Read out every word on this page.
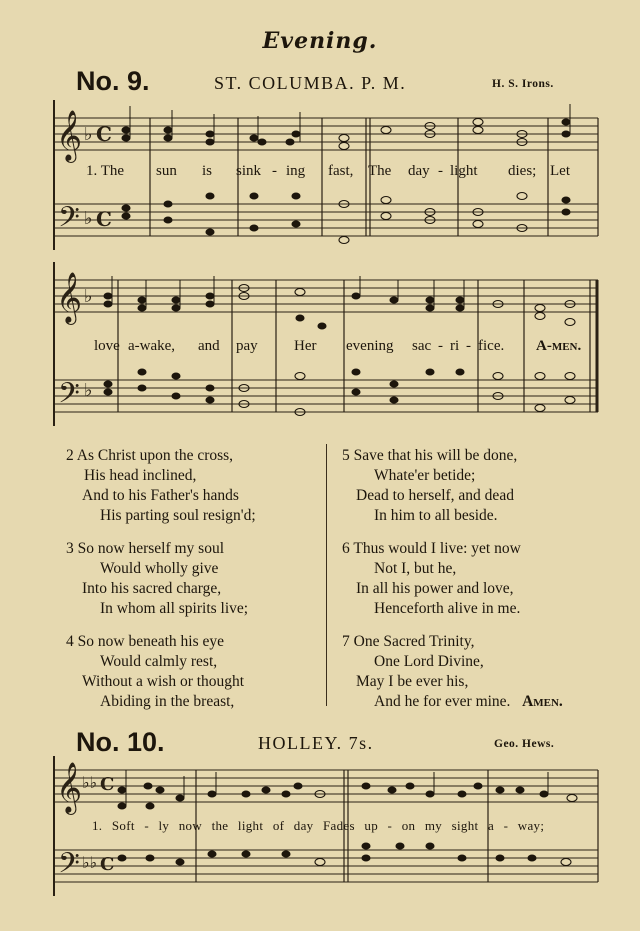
Evening.
No. 9.	ST. COLUMBA. P. M.	H. S. Irons.
𝄞
𝄢
𝄞
𝄢
𝄞
𝄢
♭ C
♭ C
♭
♭
♭♭ C
♭♭ C
1. The sun is sink - ing fast, The day - light dies; Let
love a-wake, and pay Her evening sac - ri - fice. A-men.
2 As Christ upon the cross,
His head inclined,
And to his Father's hands
His parting soul resign'd;
3 So now herself my soul
Would wholly give
Into his sacred charge,
In whom all spirits live;
4 So now beneath his eye
Would calmly rest,
Without a wish or thought
Abiding in the breast,
5 Save that his will be done,
Whate'er betide;
Dead to herself, and dead
In him to all beside.
6 Thus would I live: yet now
Not I, but he,
In all his power and love,
Henceforth alive in me.
7 One Sacred Trinity,
One Lord Divine,
May I be ever his,
And he for ever mine. Amen.
No. 10.	HOLLEY. 7s.	Geo. Hews.
1. Soft - ly now the light of day Fades up - on my sight a - way;
